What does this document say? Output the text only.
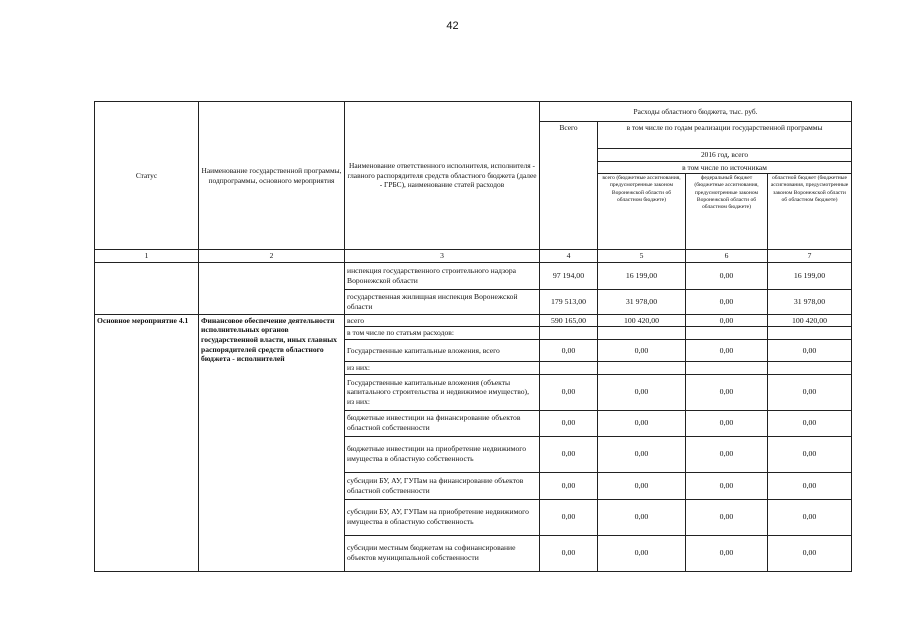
42
Статус	Наименование государственной программы, подпрограммы, основного мероприятия	Наименование ответственного исполнителя, исполнителя - главного распорядителя средств областного бюджета (далее - ГРБС), наименование статей расходов	Расходы областного бюджета, тыс. руб.			
			Всего	в том числе по годам реализации государственной программы		
				2016 год, всего		
				в том числе по источникам		
				всего (бюджетные ассигнования, предусмотренные законом Воронежской области об областном бюджете)	федеральный бюджет (бюджетные ассигнования, предусмотренные законом Воронежской области об областном бюджете)	областной бюджет (бюджетные ассигнования, предусмотренные законом Воронежской области об областном бюджете)
1	2	3	4	5	6	7
		инспекция государственного строительного надзора Воронежской области	97 194,00	16 199,00	0,00	16 199,00
		государственная жилищная инспекция Воронежской области	179 513,00	31 978,00	0,00	31 978,00
Основное мероприятие 4.1	Финансовое обеспечение деятельности исполнительных органов государственной власти, иных главных распорядителей средств областного бюджета - исполнителей	всего	590 165,00	100 420,00	0,00	100 420,00
		в том числе по статьям расходов:				
		Государственные капитальные вложения, всего	0,00	0,00	0,00	0,00
		из них:				
		Государственные капитальные вложения (объекты капитального строительства и недвижимое имущество), из них:	0,00	0,00	0,00	0,00
		бюджетные инвестиции на финансирование объектов областной собственности	0,00	0,00	0,00	0,00
		бюджетные инвестиции на приобретение недвижимого имущества в областную собственность	0,00	0,00	0,00	0,00
		субсидии БУ, АУ, ГУПам на финансирование объектов областной собственности	0,00	0,00	0,00	0,00
		субсидии БУ, АУ, ГУПам на приобретение недвижимого имущества в областную собственность	0,00	0,00	0,00	0,00
		субсидии местным бюджетам на софинансирование объектов муниципальной собственности	0,00	0,00	0,00	0,00
